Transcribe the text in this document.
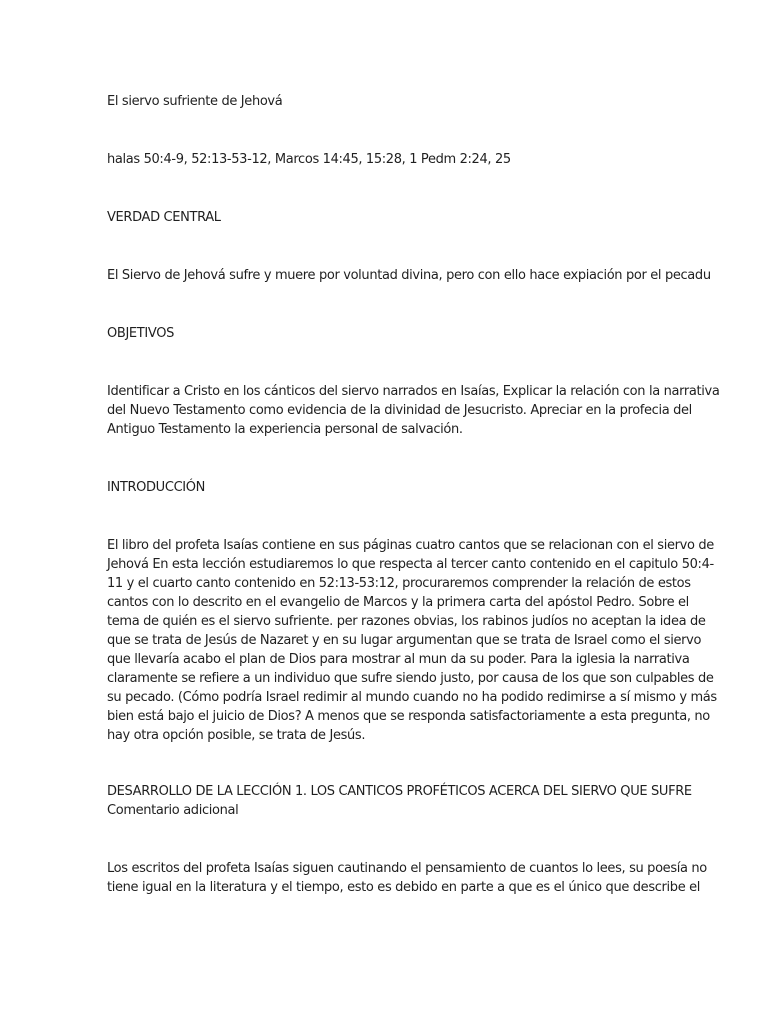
El siervo sufriente de Jehová

halas 50:4-9, 52:13-53-12, Marcos 14:45, 15:28, 1 Pedm 2:24, 25

VERDAD CENTRAL

El Siervo de Jehová sufre y muere por voluntad divina, pero con ello hace expiación por el pecadu

OBJETIVOS

Identificar a Cristo en los cánticos del siervo narrados en Isaías, Explicar la relación con la narrativa
del Nuevo Testamento como evidencia de la divinidad de Jesucristo. Apreciar en la profecia del
Antiguo Testamento la experiencia personal de salvación.

INTRODUCCIÓN

El libro del profeta Isaías contiene en sus páginas cuatro cantos que se relacionan con el siervo de
Jehová En esta lección estudiaremos lo que respecta al tercer canto contenido en el capitulo 50:4-
11 y el cuarto canto contenido en 52:13-53:12, procuraremos comprender la relación de estos
cantos con lo descrito en el evangelio de Marcos y la primera carta del apóstol Pedro. Sobre el
tema de quién es el siervo sufriente. per razones obvias, los rabinos judíos no aceptan la idea de
que se trata de Jesús de Nazaret y en su lugar argumentan que se trata de Israel como el siervo
que llevaría acabo el plan de Dios para mostrar al mun da su poder. Para la iglesia la narrativa
claramente se refiere a un individuo que sufre siendo justo, por causa de los que son culpables de
su pecado. (Cómo podría Israel redimir al mundo cuando no ha podido redimirse a sí mismo y más
bien está bajo el juicio de Dios? A menos que se responda satisfactoriamente a esta pregunta, no
hay otra opción posible, se trata de Jesús.

DESARROLLO DE LA LECCIÓN 1. LOS CANTICOS PROFÉTICOS ACERCA DEL SIERVO QUE SUFRE
Comentario adicional

Los escritos del profeta Isaías siguen cautinando el pensamiento de cuantos lo lees, su poesía no
tiene igual en la literatura y el tiempo, esto es debido en parte a que es el único que describe el
